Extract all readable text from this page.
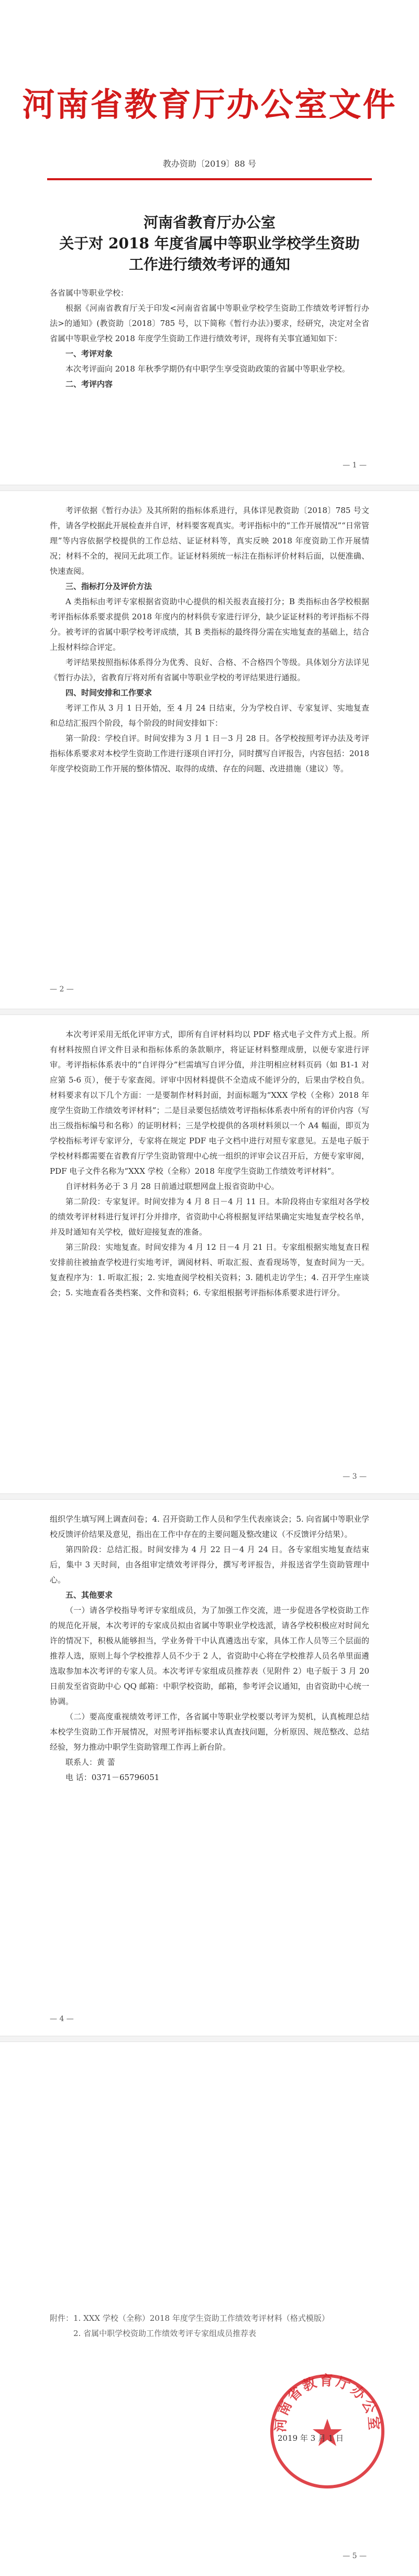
河南省教育厅办公室文件
教办资助〔2019〕88 号
河南省教育厅办公室
关于对 2018 年度省属中等职业学校学生资助
工作进行绩效考评的通知

各省属中等职业学校：

根据《河南省教育厅关于印发<河南省省属中等职业学校学生资助工作绩效考评暂行办法>的通知》(教资助〔2018〕785 号，以下简称《暂行办法》)要求，经研究，决定对全省省属中等职业学校 2018 年度学生资助工作进行绩效考评，现将有关事宜通知如下：

一、考评对象

本次考评面向 2018 年秋季学期仍有中职学生享受资助政策的省属中等职业学校。

二、考评内容

— 1 —

考评依据《暂行办法》及其所附的指标体系进行，具体详见教资助〔2018〕785 号文件，请各学校据此开展检查并自评，材料要客观真实。考评指标中的“工作开展情况”“日常管理”等内容依据学校提供的工作总结、证证材料等，真实反映 2018 年度资助工作开展情况；材料不全的，视同无此项工作。证证材料须统一标注在指标评价材料后面，以便准确、快速查阅。

三、指标打分及评价方法

A 类指标由考评专家根据省资助中心提供的相关报表直接打分；B 类指标由各学校根据考评指标体系要求提供 2018 年度内的材料供专家进行评分，缺少证证材料的考评指标不得分。被考评的省属中职学校考评成绩，其 B 类指标的最终得分需在实地复查的基础上，结合上报材料综合评定。

考评结果按照指标体系得分为优秀、良好、合格、不合格四个等级。具体划分方法详见《暂行办法》，省教育厅将对所有省属中等职业学校的考评结果进行通报。

四、时间安排和工作要求

考评工作从 3 月 1 日开始，至 4 月 24 日结束，分为学校自评、专家复评、实地复查和总结汇报四个阶段，每个阶段的时间安排如下：

第一阶段：学校自评。时间安排为 3 月 1 日－3 月 28 日。各学校按照考评办法及考评指标体系要求对本校学生资助工作进行逐项自评打分，同时撰写自评报告，内容包括：2018 年度学校资助工作开展的整体情况、取得的成绩、存在的问题、改进措施（建议）等。

— 2 —

本次考评采用无纸化评审方式，即所有自评材料均以 PDF 格式电子文件方式上报。所有材料按照自评文件目录和指标体系的条款顺序，将证证材料整理成册，以便专家进行评审。考评指标体系表中的“自评得分”栏需填写自评分值，并注明相应材料页码（如 B1-1 对应第 5-6 页），便于专家查阅。评审中因材料提供不全造成不能评分的，后果由学校自负。材料要求有以下几个方面：一是要制作材料封面，封面标题为“XXX 学校（全称）2018 年度学生资助工作绩效考评材料”；二是目录要包括绩效考评指标体系表中所有的评价内容（写出三级指标编号和名称）的证明材料；三是学校提供的各项材料须以一个 A4 幅面，即页为学校指标考评专家评分，专家将在规定 PDF 电子文档中进行对照专家意见。五是电子版于学校材料都需要在省教育厅学生资助管理中心统一组织的评审会议召开后，方便专家审阅，PDF 电子文件名称为“XXX 学校（全称）2018 年度学生资助工作绩效考评材料”。

自评材料务必于 3 月 28 日前通过联想网盘上报省资助中心。

第二阶段：专家复评。时间安排为 4 月 8 日－4 月 11 日。本阶段将由专家组对各学校的绩效考评材料进行复评打分并排序，省资助中心将根据复评结果确定实地复查学校名单，并及时通知有关学校，做好迎接复查的准备。

第三阶段：实地复查。时间安排为 4 月 12 日－4 月 21 日。专家组根据实地复查日程安排前往被抽查学校进行实地考评，调阅材料、听取汇报、查看现场等，复查时间为一天。复查程序为：1. 听取汇报；2. 实地查阅学校相关资料；3. 随机走访学生；4. 召开学生座谈会；5. 实地查看各类档案、文件和资料；6. 专家组根据考评指标体系要求进行评分。

— 3 —

组织学生填写网上调查问卷；4. 召开资助工作人员和学生代表座谈会；5. 向省属中等职业学校反馈评价结果及意见，指出在工作中存在的主要问题及整改建议（不反馈评分结果）。

第四阶段：总结汇报。时间安排为 4 月 22 日－4 月 24 日。各专家组实地复查结束后，集中 3 天时间，由各组审定绩效考评得分，撰写考评报告，并报送省学生资助管理中心。

五、其他要求

（一）请各学校指导考评专家组成员，为了加强工作交流，进一步促进各学校资助工作的规范化开展，本次考评的专家成员拟由省属中等职业学校选派，请各学校积极应对时间允许的情况下，积极从能够担当，学业务骨干中认真遴选出专家，具体工作人员等三个层面的推荐人选，原则上每个学校推荐人员不少于 2 人，省资助中心将在学校推荐人员名单里面遴选取参加本次考评的专家人员。本次考评专家组成员推荐表（见附件 2）电子版于 3 月 20 日前发至省资助中心 QQ 邮箱：中职学校资助，邮箱，参考评会议通知，由省资助中心统一协调。

（二）要高度重视绩效考评工作，各省属中等职业学校要以考评为契机，认真梳理总结本校学生资助工作开展情况，对照考评指标要求认真查找问题，分析原因、规范整改、总结经验，努力推动中职学生资助管理工作再上新台阶。

联系人：黄 蕾

电 话：0371－65796051

— 4 —
附件：1. XXX 学校（全称）2018 年度学生资助工作绩效考评材料（格式模版）
2. 省属中职学校资助工作绩效考评专家组成员推荐表
河南省教育厅办公室
2019 年 3 月 1 日
— 5 —
